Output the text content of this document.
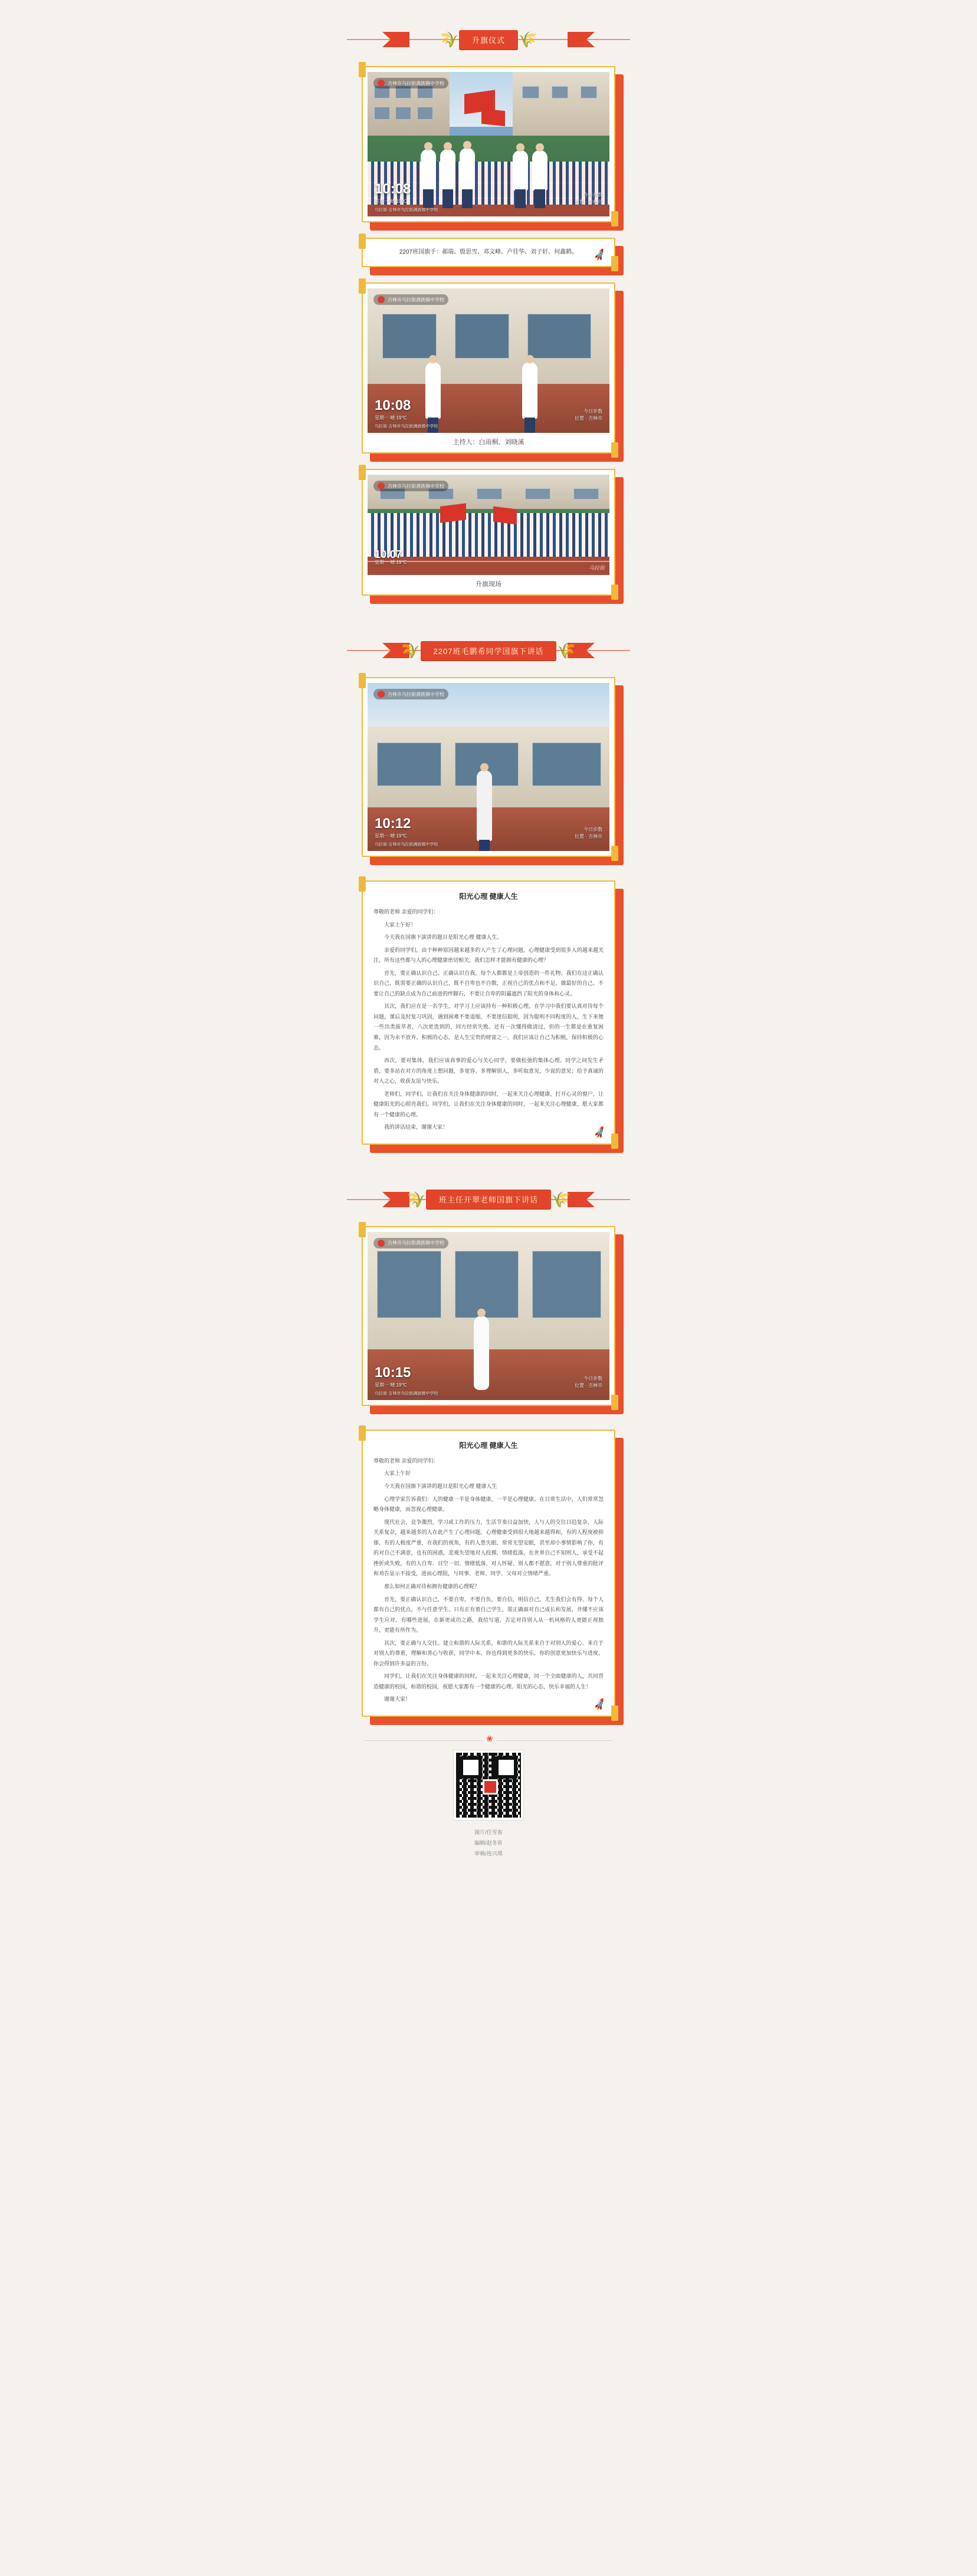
🌾	升旗仪式 🌾
吉林市乌拉街满族镇中学校
10:08
星期一 晴 19℃
乌拉街·吉林市乌拉街满族镇中学校
今日步数
位置 · 吉林市
2207班国旗手：郝瑞、殷思雪、邓文峰、卢佳华、刘子轩、何鑫鹤。	🚀
吉林市乌拉街满族镇中学校
10:08
星期一 晴 19℃
乌拉街·吉林市乌拉街满族镇中学校
今日步数
位置 · 吉林市
主持人：白雨桐、刘晓溪
吉林市乌拉街满族镇中学校
10:07
星期一 晴 19℃
乌拉街
升旗现场
🌾	2207班毛鹏希同学国旗下讲话 🌾
吉林市乌拉街满族镇中学校
10:12
星期一 晴 19℃
乌拉街·吉林市乌拉街满族镇中学校
今日步数
位置 · 吉林市
阳光心理 健康人生

尊敬的老师 亲爱的同学们：

大家上午好！

今天我在国旗下演讲的题目是阳光心理 健康人生。

亲爱的同学们，由于种种原因越来越多的人产生了心理问题，心理健康受到很多人的越来越关注，所有这些都与人的心理健康密切相关。我们怎样才能拥有健康的心理？

首先，要正确认识自己、正确认识自我。每个人都都是上帝创造的一件礼物。我们在这正确认识自己，既需要正确的认识自己，既不自卑也不自傲，正视自己的优点和不足，做最好的自己。不要让自己的缺点成为自己前进的绊脚石，不要让自卑的阴霾遮挡了阳光的身体和心灵。

其次，我们应在是一名学生，对学习上应该持有一种积极心理。在学习中我们要认真对待每个问题，课后及时复习巩固，遇到困难不要退缩，不要迷信聪明，因为聪明不同程度的人，生下来便一些出类拔萃者，八次更选到的，同方经常失败。还有一次懂得做清过，但的一生都是在重复困难，因为永不放弃。积极的心态，是人生宝贵的财富之一。我们应该让自己为积极，保持积极的心态。

再次，要对集体，我们应该真事的爱心与关心同学，要做松弛的集体心理。同学之间发生矛盾，要多站在对方的角度上想问题，多宽容、多理解别人，多听取意见，少说的意见；给予真诚的对人之心，收获友谊与快乐。

老师们，同学们，让我们在关注身体健康的同时，一起来关注心理健康，打开心灵的窗户，让健康阳光的心照亮我们。同学们，让我们在关注身体健康的同时，一起来关注心理健康，愿大家都有一个健康的心理。

我的讲话结束，谢谢大家！	🚀
🌾	班主任开翠老师国旗下讲话 🌾
吉林市乌拉街满族镇中学校
10:15
星期一 晴 19℃
乌拉街·吉林市乌拉街满族镇中学校
今日步数
位置 · 吉林市
阳光心理 健康人生

尊敬的老师 亲爱的同学们：

大家上午好

今天我在国旗下演讲的题目是阳光心理 健康人生

心理学家告诉我们：人的健康一半是身体健康，一半是心理健康。在日常生活中，人们常常忽略身体健康，而忽视心理健康。

现代社会，竞争激烈，学习或工作的压力，生活节奏日益加快，人与人的交往日趋复杂，人际关系复杂，越来越多的人在此产生了心理问题，心理健康受到很大地越来越得和，有的人程度被抑郁，有的人极度严重，在我们的视角，有的人患失眠、常常无望安眠，甚至却小事情影响了你，有的对自己不满意，也有的困惑，悲观失望地对人投掷，情绪低落，在世界自己不知则人，承受不起挫折或失败，有的人自卑、目空一切、情绪低落，对人怀疑、别人都不愿意，对于别人尊重的批评和劝告显示不接受，进而心理阻，与同事、老师、同学、父母对立情绪严重。

那么如何正确对待和拥有健康的心理呢？

首先，要正确认识自己，不要自卑，不要自负，要自信，明信自己，尤生我们会有得、每个人都有自己的优点，不与任意学生、只有正有着自己学生，需正确面对自己成长和发展，并懂不应该学生应对，有哪些进展，在新更成功之路，我给写道，否定对待别人从一机风格的人更能正视独升，更能有所作为。

其次，要正确与人交往。建立和谐的人际关系，和谐的人际关系来自于对别人的爱心、来自于对别人的尊重，理解和善心与收获，同学中本、你也得到更多的快乐，你的创意更加快乐与进度，你会得到许多益的言份。

同学们，让我们在关注身体健康的同时，一起来关注心理健康，同一个全面健康的人，共同营造健康的校园，和谐的校园，祝愿大家都有一个健康的心理。阳光的心态，快乐幸福的人生！

谢谢大家！	🚀
❀
图片/任雪春
编辑/赵冬育
审核/连兴琪
